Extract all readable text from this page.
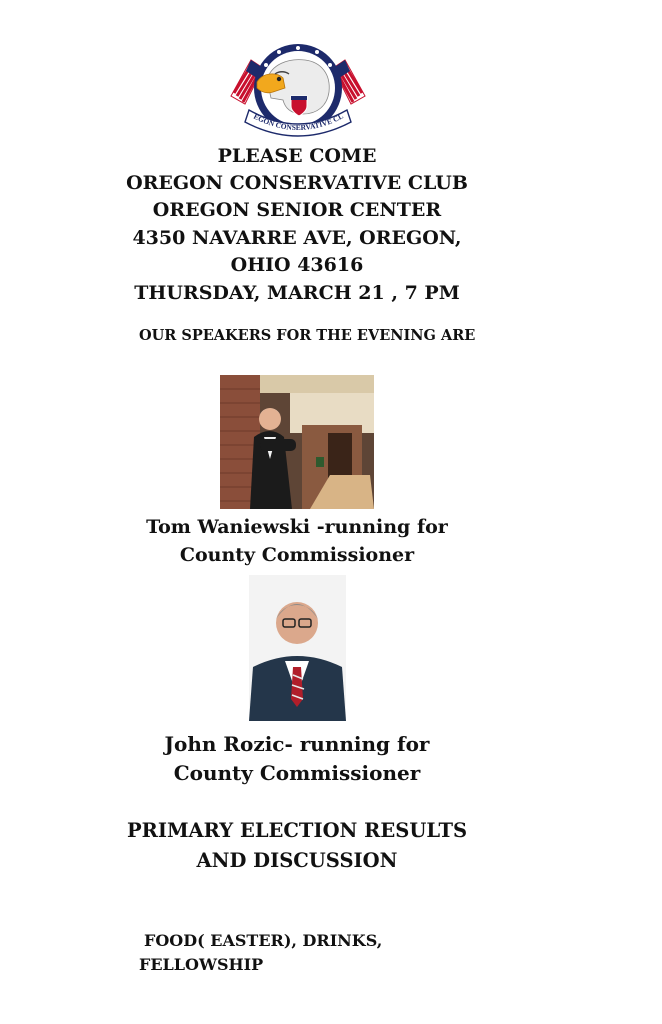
EGON CONSERVATIVE CL
PLEASE COME
OREGON CONSERVATIVE CLUB
OREGON SENIOR CENTER
4350 NAVARRE AVE, OREGON,
OHIO 43616
THURSDAY, MARCH 21 , 7 PM
OUR SPEAKERS FOR THE EVENING ARE
Tom Waniewski -running for
County Commissioner
John Rozic- running for
County Commissioner
PRIMARY ELECTION RESULTS
AND DISCUSSION
FOOD( EASTER), DRINKS,
FELLOWSHIP
